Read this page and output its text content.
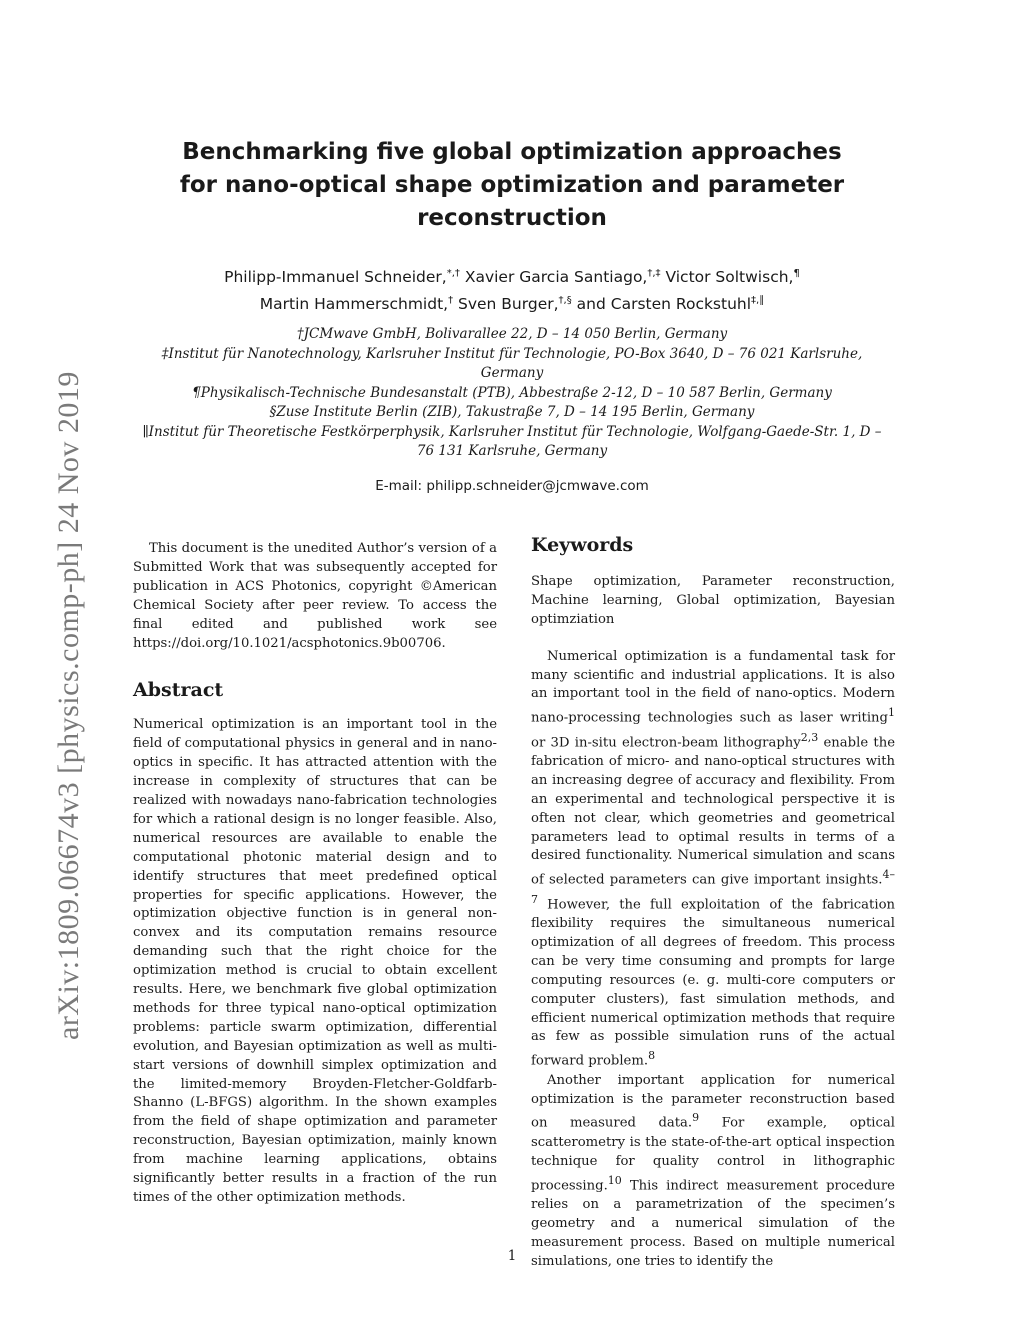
arXiv:1809.06674v3 [physics.comp-ph] 24 Nov 2019
Benchmarking five global optimization approaches for nano-optical shape optimization and parameter reconstruction
Philipp-Immanuel Schneider,*,† Xavier Garcia Santiago,†,‡ Victor Soltwisch,¶
Martin Hammerschmidt,† Sven Burger,†,§ and Carsten Rockstuhl‡,∥
†JCMwave GmbH, Bolivarallee 22, D – 14 050 Berlin, Germany
‡Institut für Nanotechnology, Karlsruher Institut für Technologie, PO-Box 3640, D – 76 021 Karlsruhe, Germany
¶Physikalisch-Technische Bundesanstalt (PTB), Abbestraße 2-12, D – 10 587 Berlin, Germany
§Zuse Institute Berlin (ZIB), Takustraße 7, D – 14 195 Berlin, Germany
∥Institut für Theoretische Festkörperphysik, Karlsruher Institut für Technologie, Wolfgang-Gaede-Str. 1, D – 76 131 Karlsruhe, Germany
E-mail: philipp.schneider@jcmwave.com

This document is the unedited Author’s version of a Submitted Work that was subsequently accepted for publication in ACS Photonics, copyright ©American Chemical Society after peer review. To access the final edited and published work see https://doi.org/10.1021/acsphotonics.9b00706.

Abstract

Numerical optimization is an important tool in the field of computational physics in general and in nano-optics in specific. It has attracted attention with the increase in complexity of structures that can be realized with nowadays nano-fabrication technologies for which a rational design is no longer feasible. Also, numerical resources are available to enable the computational photonic material design and to identify structures that meet predefined optical properties for specific applications. However, the optimization objective function is in general non-convex and its computation remains resource demanding such that the right choice for the optimization method is crucial to obtain excellent results. Here, we benchmark five global optimization methods for three typical nano-optical optimization problems: particle swarm optimization, differential evolution, and Bayesian optimization as well as multi-start versions of downhill simplex optimization and the limited-memory Broyden-Fletcher-Goldfarb-Shanno (L-BFGS) algorithm. In the shown examples from the field of shape optimization and parameter reconstruction, Bayesian optimization, mainly known from machine learning applications, obtains significantly better results in a fraction of the run times of the other optimization methods.

Keywords

Shape optimization, Parameter reconstruction, Machine learning, Global optimization, Bayesian optimziation

Numerical optimization is a fundamental task for many scientific and industrial applications. It is also an important tool in the field of nano-optics. Modern nano-processing technologies such as laser writing$^1$ or 3D in-situ electron-beam lithography$^{2,3}$ enable the fabrication of micro- and nano-optical structures with an increasing degree of accuracy and flexibility. From an experimental and technological perspective it is often not clear, which geometries and geometrical parameters lead to optimal results in terms of a desired functionality. Numerical simulation and scans of selected parameters can give important insights.$^{4-7}$ However, the full exploitation of the fabrication flexibility requires the simultaneous numerical optimization of all degrees of freedom. This process can be very time consuming and prompts for large computing resources (e. g. multi-core computers or computer clusters), fast simulation methods, and efficient numerical optimization methods that require as few as possible simulation runs of the actual forward problem.$^8$

Another important application for numerical optimization is the parameter reconstruction based on measured data.$^9$ For example, optical scatterometry is the state-of-the-art optical inspection technique for quality control in lithographic processing.$^{10}$ This indirect measurement procedure relies on a parametrization of the specimen’s geometry and a numerical simulation of the measurement process. Based on multiple numerical simulations, one tries to identify the

1
